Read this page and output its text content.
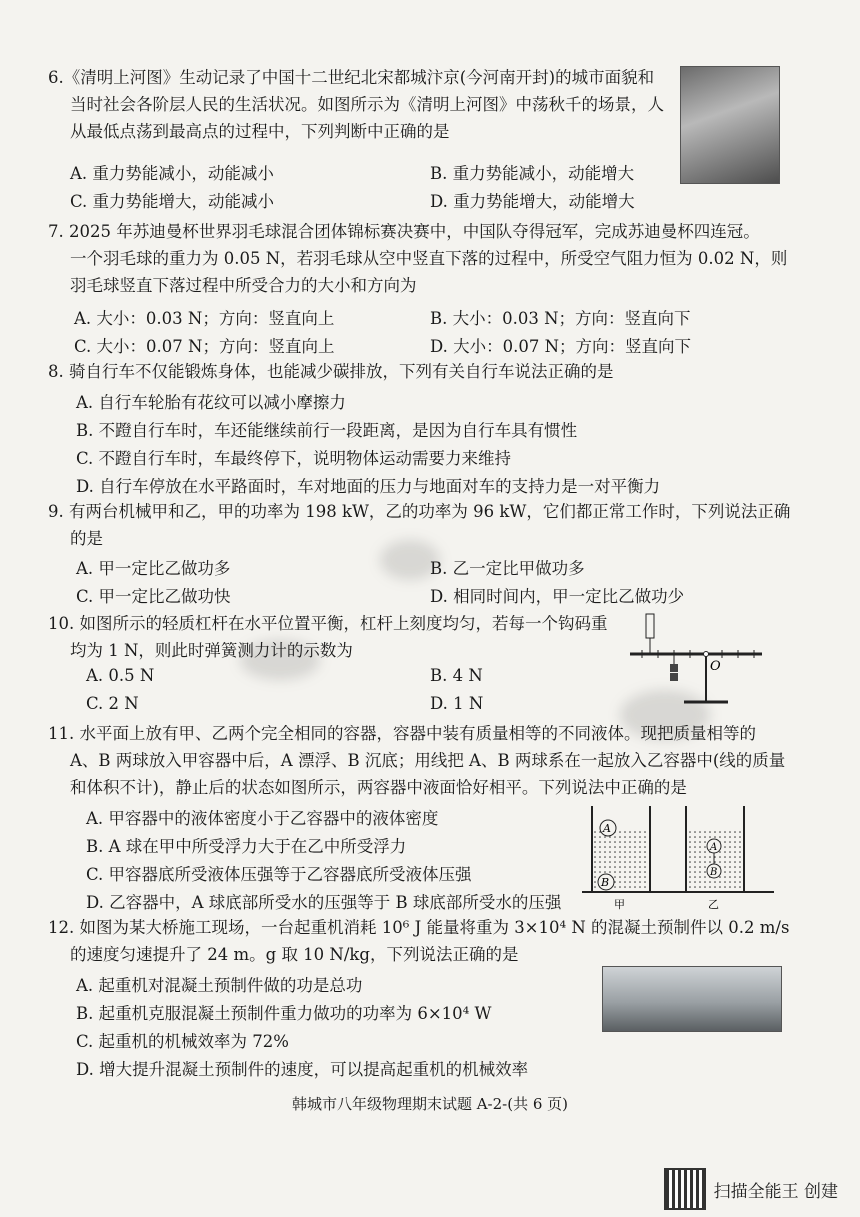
6.《清明上河图》生动记录了中国十二世纪北宋都城汴京(今河南开封)的城市面貌和
当时社会各阶层人民的生活状况。如图所示为《清明上河图》中荡秋千的场景，人
从最低点荡到最高点的过程中，下列判断中正确的是
A. 重力势能减小，动能减小	B. 重力势能减小，动能增大
C. 重力势能增大，动能减小	D. 重力势能增大，动能增大
7. 2025 年苏迪曼杯世界羽毛球混合团体锦标赛决赛中，中国队夺得冠军，完成苏迪曼杯四连冠。
一个羽毛球的重力为 0.05 N，若羽毛球从空中竖直下落的过程中，所受空气阻力恒为 0.02 N，则
羽毛球竖直下落过程中所受合力的大小和方向为
A. 大小：0.03 N；方向：竖直向上	B. 大小：0.03 N；方向：竖直向下
C. 大小：0.07 N；方向：竖直向上	D. 大小：0.07 N；方向：竖直向下
8. 骑自行车不仅能锻炼身体，也能减少碳排放，下列有关自行车说法正确的是
A. 自行车轮胎有花纹可以减小摩擦力
B. 不蹬自行车时，车还能继续前行一段距离，是因为自行车具有惯性
C. 不蹬自行车时，车最终停下，说明物体运动需要力来维持
D. 自行车停放在水平路面时，车对地面的压力与地面对车的支持力是一对平衡力
9. 有两台机械甲和乙，甲的功率为 198 kW，乙的功率为 96 kW，它们都正常工作时，下列说法正确
的是
A. 甲一定比乙做功多	B. 乙一定比甲做功多
C. 甲一定比乙做功快	D. 相同时间内，甲一定比乙做功少
10. 如图所示的轻质杠杆在水平位置平衡，杠杆上刻度均匀，若每一个钩码重
均为 1 N，则此时弹簧测力计的示数为
A. 0.5 N	B. 4 N
C. 2 N	D. 1 N
O
11. 水平面上放有甲、乙两个完全相同的容器，容器中装有质量相等的不同液体。现把质量相等的
A、B 两球放入甲容器中后，A 漂浮、B 沉底；用线把 A、B 两球系在一起放入乙容器中(线的质量
和体积不计)，静止后的状态如图所示，两容器中液面恰好相平。下列说法中正确的是
A. 甲容器中的液体密度小于乙容器中的液体密度
B. A 球在甲中所受浮力大于在乙中所受浮力
C. 甲容器底所受液体压强等于乙容器底所受液体压强
D. 乙容器中，A 球底部所受水的压强等于 B 球底部所受水的压强
A
B
A
B
甲	乙
12. 如图为某大桥施工现场，一台起重机消耗 10⁶ J 能量将重为 3×10⁴ N 的混凝土预制件以 0.2 m/s
的速度匀速提升了 24 m。g 取 10 N/kg，下列说法正确的是
A. 起重机对混凝土预制件做的功是总功
B. 起重机克服混凝土预制件重力做功的功率为 6×10⁴ W
C. 起重机的机械效率为 72%
D. 增大提升混凝土预制件的速度，可以提高起重机的机械效率
韩城市八年级物理期末试题 A-2-(共 6 页)
扫描全能王 创建
